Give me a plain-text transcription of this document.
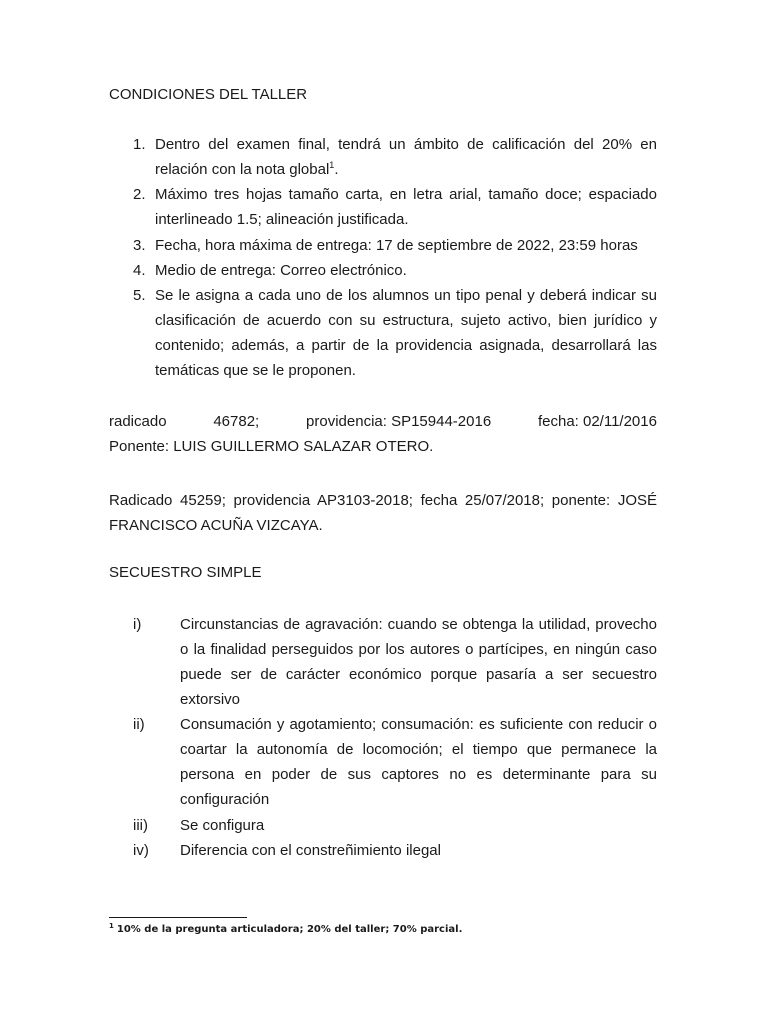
CONDICIONES DEL TALLER
1. Dentro del examen final, tendrá un ámbito de calificación del 20% en relación con la nota global$^1$.
2. Máximo tres hojas tamaño carta, en letra arial, tamaño doce; espaciado interlineado 1.5; alineación justificada.
3. Fecha, hora máxima de entrega: 17 de septiembre de 2022, 23:59 horas
4. Medio de entrega: Correo electrónico.
5. Se le asigna a cada uno de los alumnos un tipo penal y deberá indicar su clasificación de acuerdo con su estructura, sujeto activo, bien jurídico y contenido; además, a partir de la providencia asignada, desarrollará las temáticas que se le proponen.
radicado	46782;	providencia: SP15944-2016	fecha: 02/11/2016
Ponente: LUIS GUILLERMO SALAZAR OTERO.
Radicado 45259; providencia AP3103-2018; fecha 25/07/2018; ponente: JOSÉ FRANCISCO ACUÑA VIZCAYA.
SECUESTRO SIMPLE
i)	Circunstancias de agravación: cuando se obtenga la utilidad, provecho o la finalidad perseguidos por los autores o partícipes, en ningún caso puede ser de carácter económico porque pasaría a ser secuestro extorsivo
ii) Consumación y agotamiento; consumación: es suficiente con reducir o coartar la autonomía de locomoción; el tiempo que permanece la persona en poder de sus captores no es determinante para su configuración
iii) Se configura
iv) Diferencia con el constreñimiento ilegal
$^1$ 10% de la pregunta articuladora; 20% del taller; 70% parcial.
